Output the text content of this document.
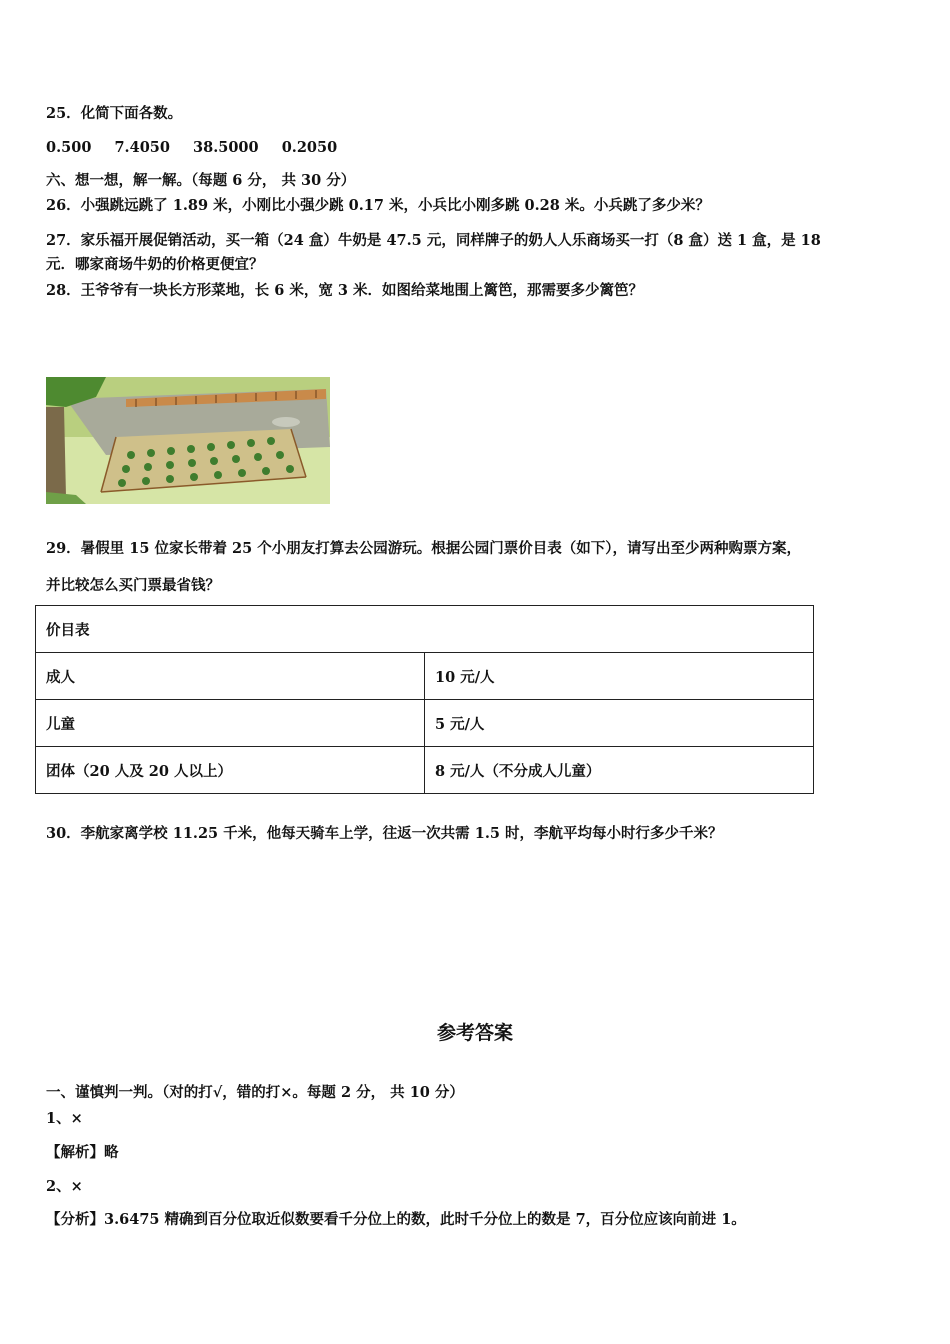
25．化简下面各数。
0.500 7.4050 38.5000 0.2050
六、想一想，解一解。（每题 6 分， 共 30 分）
26．小强跳远跳了 1.89 米，小刚比小强少跳 0.17 米，小兵比小刚多跳 0.28 米。小兵跳了多少米？
27．家乐福开展促销活动，买一箱（24 盒）牛奶是 47.5 元，同样牌子的奶人人乐商场买一打（8 盒）送 1 盒，是 18
元．哪家商场牛奶的价格更便宜？
28．王爷爷有一块长方形菜地，长 6 米，宽 3 米．如图给菜地围上篱笆，那需要多少篱笆？
29．暑假里 15 位家长带着 25 个小朋友打算去公园游玩。根据公园门票价目表（如下），请写出至少两种购票方案，
并比较怎么买门票最省钱？
价目表	
成人	10 元/人
儿童	5 元/人
团体（20 人及 20 人以上）	8 元/人（不分成人儿童）
30．李航家离学校 11.25 千米，他每天骑车上学，往返一次共需 1.5 时，李航平均每小时行多少千米？
参考答案
一、谨慎判一判。（对的打√，错的打×。每题 2 分， 共 10 分）
1、×
【解析】略
2、×
【分析】3.6475 精确到百分位取近似数要看千分位上的数，此时千分位上的数是 7，百分位应该向前进 1。
